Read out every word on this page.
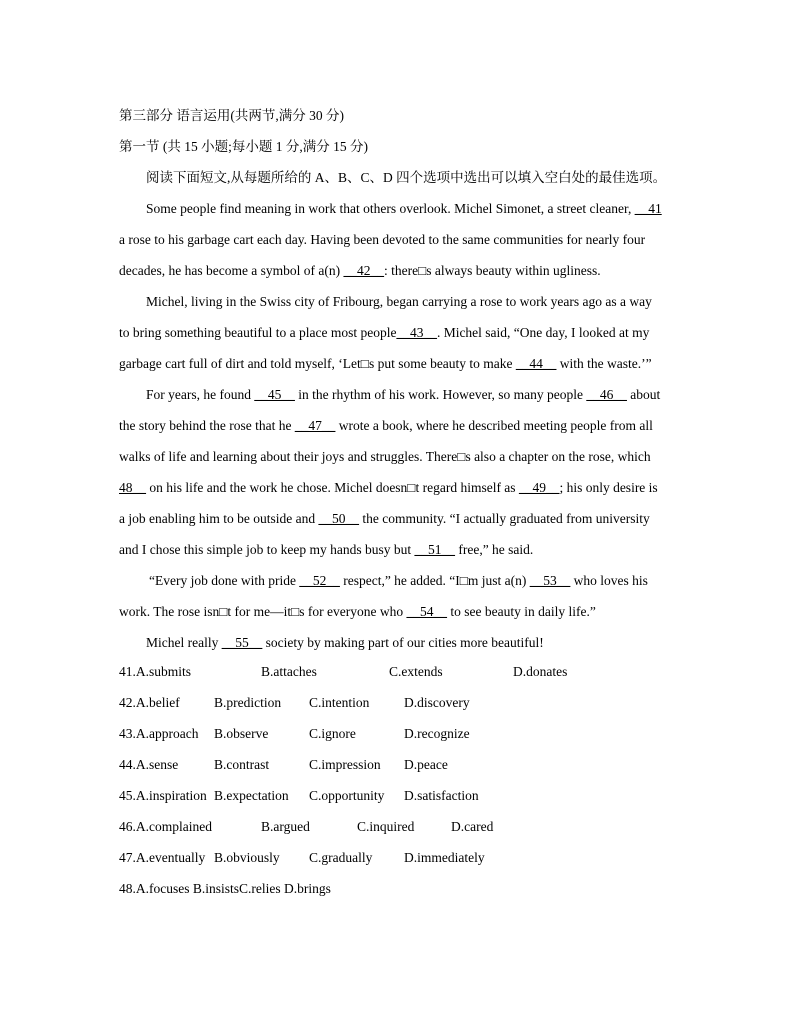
第三部分 语言运用(共两节,满分 30 分)
第一节 (共 15 小题;每小题 1 分,满分 15 分)
阅读下面短文,从每题所给的 A、B、C、D 四个选项中选出可以填入空白处的最佳选项。
Some people find meaning in work that others overlook. Michel Simonet, a street cleaner, __41
a rose to his garbage cart each day. Having been devoted to the same communities for nearly four
decades, he has become a symbol of a(n) __42__: there□s always beauty within ugliness.
Michel, living in the Swiss city of Fribourg, began carrying a rose to work years ago as a way
to bring something beautiful to a place most people__43__. Michel said, “One day, I looked at my
garbage cart full of dirt and told myself, ‘Let□s put some beauty to make __44__ with the waste.’”
For years, he found __45__ in the rhythm of his work. However, so many people __46__ about
the story behind the rose that he __47__ wrote a book, where he described meeting people from all
walks of life and learning about their joys and struggles. There□s also a chapter on the rose, which
48__ on his life and the work he chose. Michel doesn□t regard himself as __49__; his only desire is
a job enabling him to be outside and __50__ the community. “I actually graduated from university
and I chose this simple job to keep my hands busy but __51__ free,” he said.
“Every job done with pride __52__ respect,” he added. “I□m just a(n) __53__ who loves his
work. The rose isn□t for me—it□s for everyone who __54__ to see beauty in daily life.”
Michel really __55__ society by making part of our cities more beautiful!
41.A.submits	B.attaches	C.extends	D.donates
42.A.belief	B.prediction C.intention	D.discovery
43.A.approach B.observe	C.ignore	D.recognize
44.A.sense	B.contrast	C.impression D.peace
45.A.inspiration B.expectation C.opportunity D.satisfaction
46.A.complained	B.argued	C.inquired	D.cared
47.A.eventually B.obviously C.gradually D.immediately
48.A.focuses B.insistsC.relies D.brings
